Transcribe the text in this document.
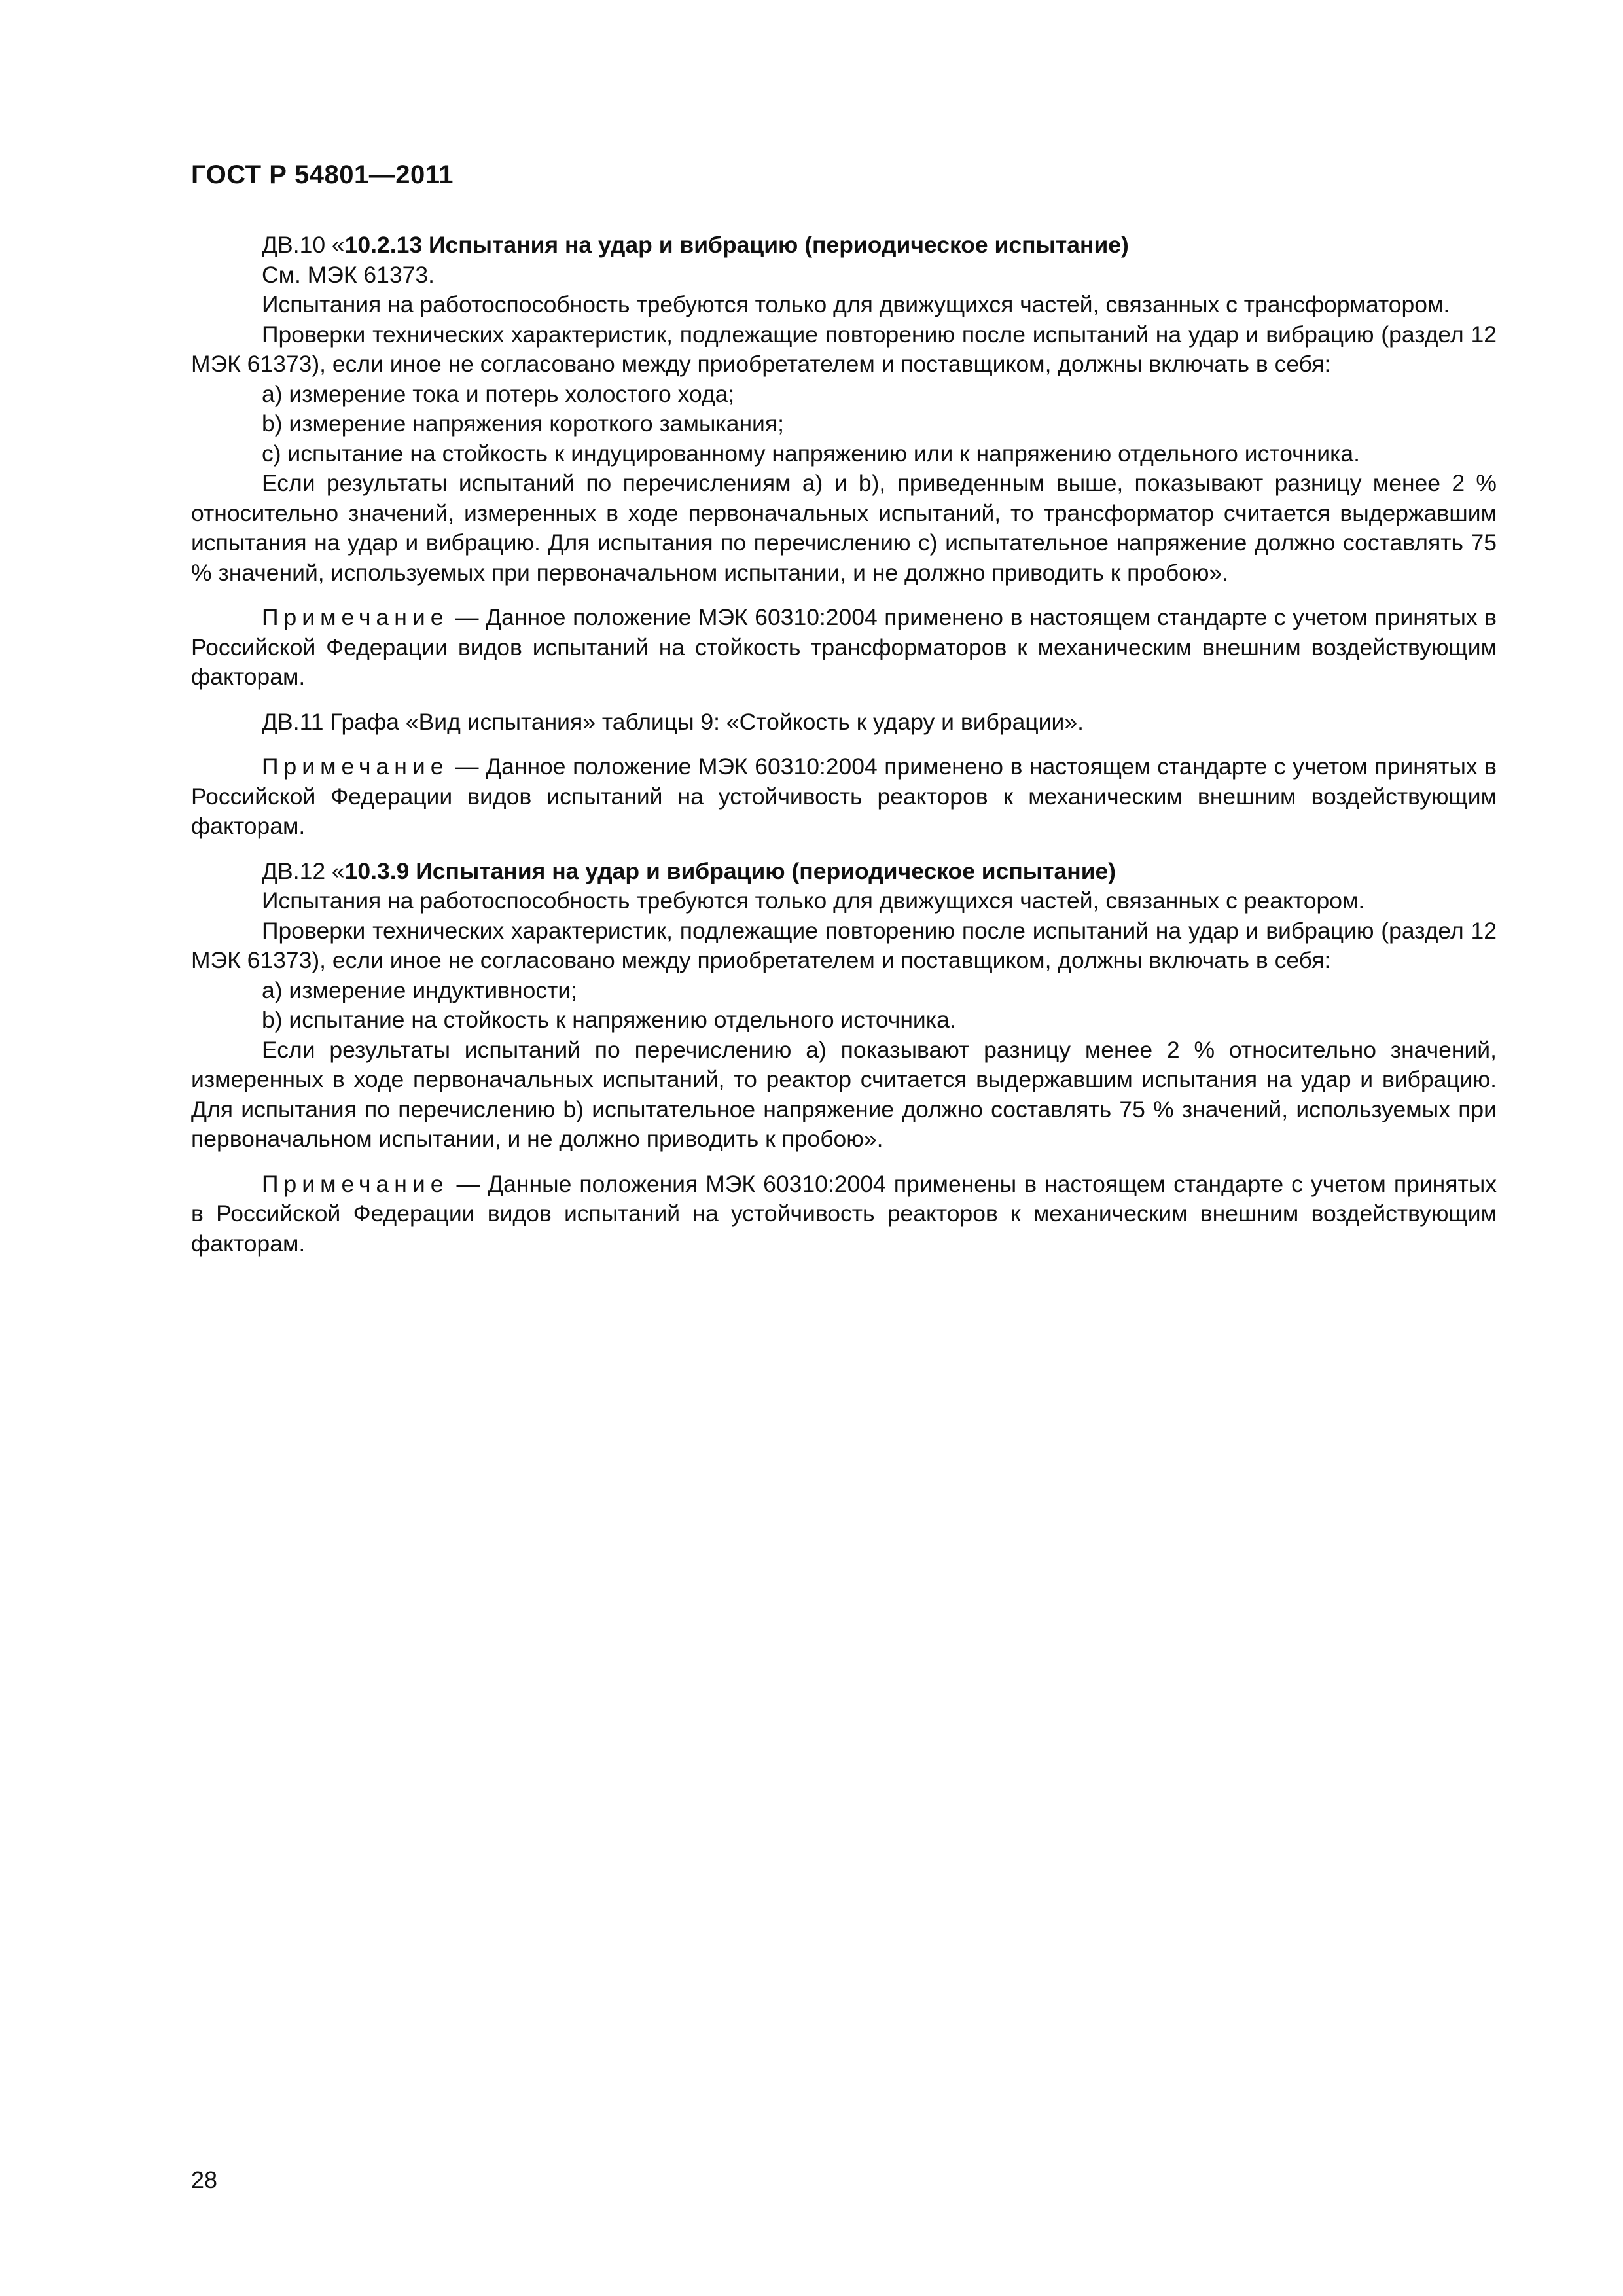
ГОСТ Р 54801—2011

ДВ.10 «10.2.13 Испытания на удар и вибрацию (периодическое испытание)

См. МЭК 61373.

Испытания на работоспособность требуются только для движущихся частей, связанных с трансформатором.

Проверки технических характеристик, подлежащие повторению после испытаний на удар и вибрацию (раздел 12 МЭК 61373), если иное не согласовано между приобретателем и поставщиком, должны включать в себя:

a) измерение тока и потерь холостого хода;

b) измерение напряжения короткого замыкания;

c) испытание на стойкость к индуцированному напряжению или к напряжению отдельного источника.

Если результаты испытаний по перечислениям a) и b), приведенным выше, показывают разницу менее 2 % относительно значений, измеренных в ходе первоначальных испытаний, то трансформатор считается выдержавшим испытания на удар и вибрацию. Для испытания по перечислению c) испытательное напряжение должно составлять 75 % значений, используемых при первоначальном испытании, и не должно приводить к пробою».

Примечание — Данное положение МЭК 60310:2004 применено в настоящем стандарте с учетом принятых в Российской Федерации видов испытаний на стойкость трансформаторов к механическим внешним воздействующим факторам.

ДВ.11 Графа «Вид испытания» таблицы 9: «Стойкость к удару и вибрации».

Примечание — Данное положение МЭК 60310:2004 применено в настоящем стандарте с учетом принятых в Российской Федерации видов испытаний на устойчивость реакторов к механическим внешним воздействующим факторам.

ДВ.12 «10.3.9 Испытания на удар и вибрацию (периодическое испытание)

Испытания на работоспособность требуются только для движущихся частей, связанных с реактором.

Проверки технических характеристик, подлежащие повторению после испытаний на удар и вибрацию (раздел 12 МЭК 61373), если иное не согласовано между приобретателем и поставщиком, должны включать в себя:

a) измерение индуктивности;

b) испытание на стойкость к напряжению отдельного источника.

Если результаты испытаний по перечислению a) показывают разницу менее 2 % относительно значений, измеренных в ходе первоначальных испытаний, то реактор считается выдержавшим испытания на удар и вибрацию. Для испытания по перечислению b) испытательное напряжение должно составлять 75 % значений, используемых при первоначальном испытании, и не должно приводить к пробою».

Примечание — Данные положения МЭК 60310:2004 применены в настоящем стандарте с учетом принятых в Российской Федерации видов испытаний на устойчивость реакторов к механическим внешним воздействующим факторам.

28
